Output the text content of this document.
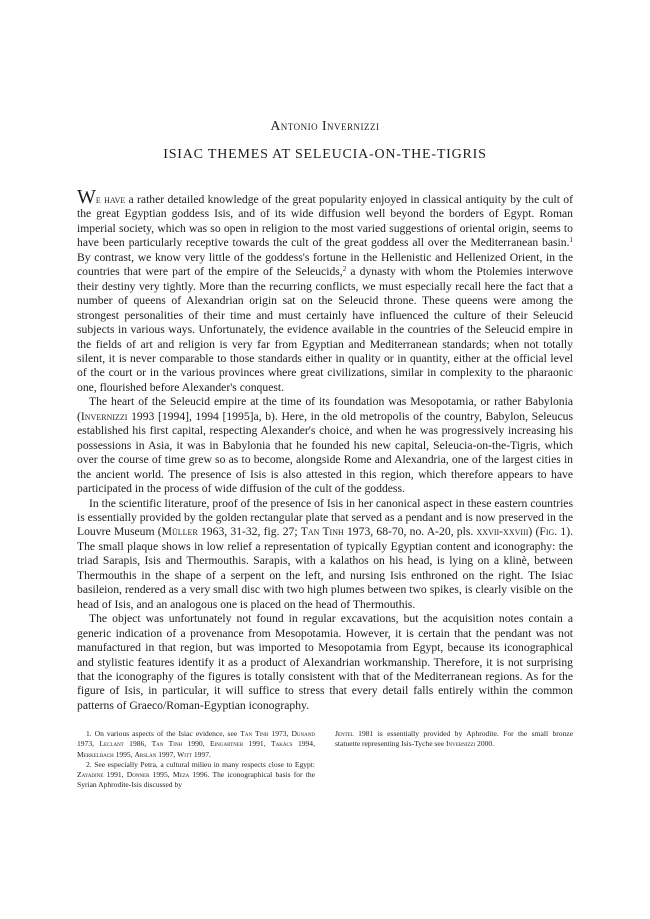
Antonio Invernizzi
ISIAC THEMES AT SELEUCIA-ON-THE-TIGRIS

We have a rather detailed knowledge of the great popularity enjoyed in classical antiquity by the cult of the great Egyptian goddess Isis, and of its wide diffusion well beyond the borders of Egypt. Roman imperial society, which was so open in religion to the most varied suggestions of oriental origin, seems to have been particularly receptive towards the cult of the great goddess all over the Mediterranean basin.$^1$ By contrast, we know very little of the goddess's fortune in the Hellenistic and Hellenized Orient, in the countries that were part of the empire of the Seleucids,$^2$ a dynasty with whom the Ptolemies interwove their destiny very tightly. More than the recurring conflicts, we must especially recall here the fact that a number of queens of Alexandrian origin sat on the Seleucid throne. These queens were among the strongest personalities of their time and must certainly have influenced the culture of their Seleucid subjects in various ways. Unfortunately, the evidence available in the countries of the Seleucid empire in the fields of art and religion is very far from Egyptian and Mediterranean standards; when not totally silent, it is never comparable to those standards either in quality or in quantity, either at the official level of the court or in the various provinces where great civilizations, similar in complexity to the pharaonic one, flourished before Alexander's conquest.

The heart of the Seleucid empire at the time of its foundation was Mesopotamia, or rather Babylonia (Invernizzi 1993 [1994], 1994 [1995]a, b). Here, in the old metropolis of the country, Babylon, Seleucus established his first capital, respecting Alexander's choice, and when he was progressively increasing his possessions in Asia, it was in Babylonia that he founded his new capital, Seleucia-on-the-Tigris, which over the course of time grew so as to become, alongside Rome and Alexandria, one of the largest cities in the ancient world. The presence of Isis is also attested in this region, which therefore appears to have participated in the process of wide diffusion of the cult of the goddess.

In the scientific literature, proof of the presence of Isis in her canonical aspect in these eastern countries is essentially provided by the golden rectangular plate that served as a pendant and is now preserved in the Louvre Museum (Müller 1963, 31-32, fig. 27; Tan Tinh 1973, 68-70, no. A-20, pls. xxvii-xxviii) (Fig. 1). The small plaque shows in low relief a representation of typically Egyptian content and iconography: the triad Sarapis, Isis and Thermouthis. Sarapis, with a kalathos on his head, is lying on a klinè, between Thermouthis in the shape of a serpent on the left, and nursing Isis enthroned on the right. The Isiac basileion, rendered as a very small disc with two high plumes between two spikes, is clearly visible on the head of Isis, and an analogous one is placed on the head of Thermouthis.

The object was unfortunately not found in regular excavations, but the acquisition notes contain a generic indication of a provenance from Mesopotamia. However, it is certain that the pendant was not manufactured in that region, but was imported to Mesopotamia from Egypt, because its iconographical and stylistic features identify it as a product of Alexandrian workmanship. Therefore, it is not surprising that the iconography of the figures is totally consistent with that of the Mediterranean regions. As for the figure of Isis, in particular, it will suffice to stress that every detail falls entirely within the common patterns of Graeco/Roman-Egyptian iconography.

1. On various aspects of the Isiac evidence, see Tan Tinh 1973, Dunand 1973, Leclant 1986, Tan Tinh 1990, Eingartner 1991, Takács 1994, Merkelbach 1995, Arslan 1997, Witt 1997.

2. See especially Petra, a cultural milieu in many respects close to Egypt: Zayadine 1991, Donner 1995, Meza 1996. The iconographical basis for the Syrian Aphrodite-Isis discussed by

Jentel 1981 is essentially provided by Aphrodite. For the small bronze statuette representing Isis-Tyche see Invernizzi 2000.
